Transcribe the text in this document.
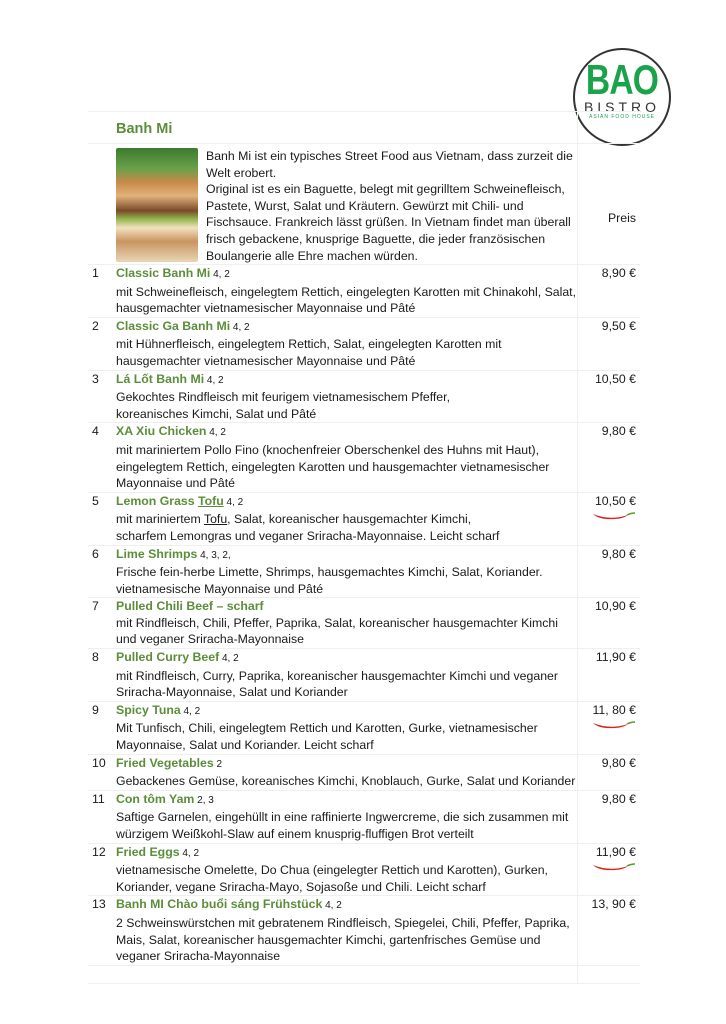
BAO
BISTRO
ASIAN FOOD HOUSE
Banh Mi
Banh Mi ist ein typisches Street Food aus Vietnam, dass zurzeit die Welt erobert.
Original ist es ein Baguette, belegt mit gegrilltem Schweinefleisch, Pastete, Wurst, Salat und Kräutern. Gewürzt mit Chili- und Fischsauce. Frankreich lässt grüßen. In Vietnam findet man überall frisch gebackene, knusprige Baguette, die jeder französischen Boulangerie alle Ehre machen würden.
Preis
1	Classic Banh Mi 4, 2
mit Schweinefleisch, eingelegtem Rettich, eingelegten Karotten mit Chinakohl, Salat, hausgemachter vietnamesischer Mayonnaise und Pâté
8,90 €
2	Classic Ga Banh Mi 4, 2
mit Hühnerfleisch, eingelegtem Rettich, Salat, eingelegten Karotten mit hausgemachter vietnamesischer Mayonnaise und Pâté
9,50 €
3	Lá Lốt Banh Mi 4, 2
Gekochtes Rindfleisch mit feurigem vietnamesischem Pfeffer,
koreanisches Kimchi, Salat und Pâté
10,50 €
4	XA Xiu Chicken 4, 2
mit mariniertem Pollo Fino (knochenfreier Oberschenkel des Huhns mit Haut), eingelegtem Rettich, eingelegten Karotten und hausgemachter vietnamesischer Mayonnaise und Pâté
9,80 €
5	Lemon Grass Tofu 4, 2
mit mariniertem Tofu, Salat, koreanischer hausgemachter Kimchi,
scharfem Lemongras und veganer Sriracha-Mayonnaise. Leicht scharf
10,50 €
6	Lime Shrimps 4, 3, 2,
Frische fein-herbe Limette, Shrimps, hausgemachtes Kimchi, Salat, Koriander.
vietnamesische Mayonnaise und Pâté
9,80 €
7	Pulled Chili Beef – scharf
mit Rindfleisch, Chili, Pfeffer, Paprika, Salat, koreanischer hausgemachter Kimchi und veganer Sriracha-Mayonnaise
10,90 €
8	Pulled Curry Beef 4, 2
mit Rindfleisch, Curry, Paprika, koreanischer hausgemachter Kimchi und veganer Sriracha-Mayonnaise, Salat und Koriander
11,90 €
9	Spicy Tuna 4, 2
Mit Tunfisch, Chili, eingelegtem Rettich und Karotten, Gurke, vietnamesischer Mayonnaise, Salat und Koriander. Leicht scharf
11, 80 €
10 Fried Vegetables 2
Gebackenes Gemüse, koreanisches Kimchi, Knoblauch, Gurke, Salat und Koriander
9,80 €
11 Con tôm Yam 2, 3
Saftige Garnelen, eingehüllt in eine raffinierte Ingwercreme, die sich zusammen mit würzigem Weißkohl-Slaw auf einem knusprig-fluffigen Brot verteilt
9,80 €
12 Fried Eggs 4, 2
vietnamesische Omelette, Do Chua (eingelegter Rettich und Karotten), Gurken, Koriander, vegane Sriracha-Mayo, Sojasoße und Chili. Leicht scharf
11,90 €
13 Banh MI Chào buổi sáng Frühstück 4, 2
2 Schweinswürstchen mit gebratenem Rindfleisch, Spiegelei, Chili, Pfeffer, Paprika, Mais, Salat, koreanischer hausgemachter Kimchi, gartenfrisches Gemüse und veganer Sriracha-Mayonnaise
13, 90 €
